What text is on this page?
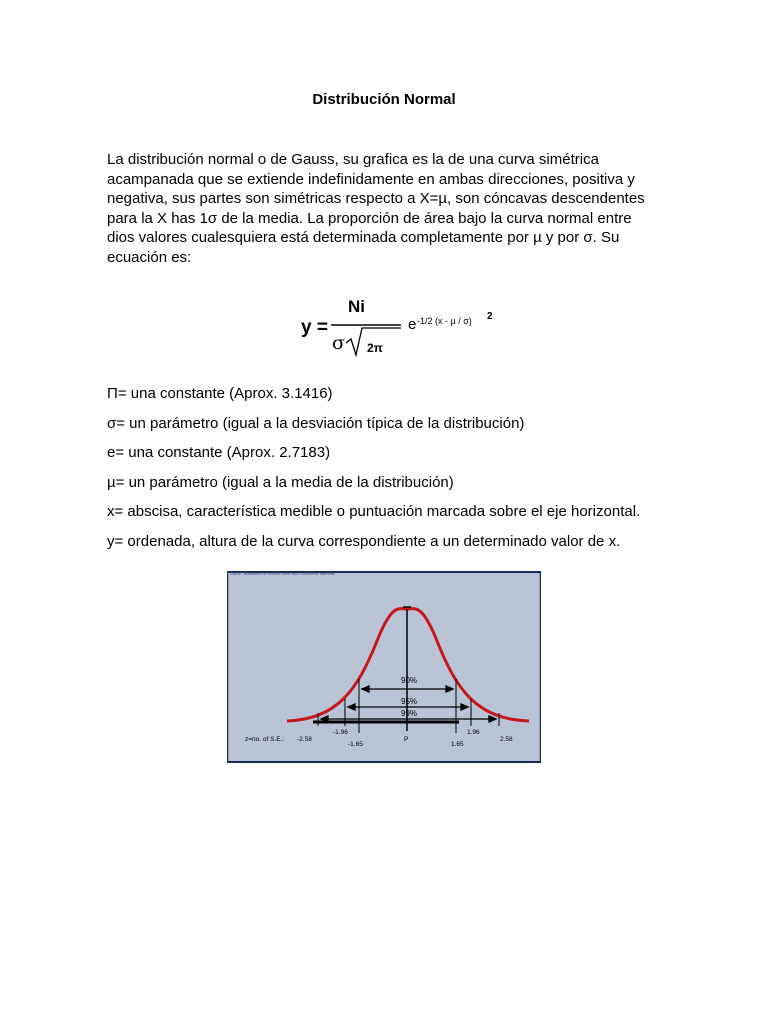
Distribución Normal

La distribución normal o de Gauss, su grafica es la de una curva simétrica acampanada que se extiende indefinidamente en ambas direcciones, positiva y negativa, sus partes son simétricas respecto a X=µ, son cóncavas descendentes para la X has 1σ de la media. La proporción de área bajo la curva normal entre dios valores cualesquiera está determinada completamente por µ y por σ. Su ecuación es:

y =
Ni
σ 2π
e -1/2 (x - µ / σ) 2
Π= una constante (Aprox. 3.1416)
σ= un parámetro (igual a la desviación típica de la distribución)
e= una constante (Aprox. 2.7183)
µ= un parámetro (igual a la media de la distribución)
x= abscisa, característica medible o puntuación marcada sobre el eje horizontal.
y= ordenada, altura de la curva correspondiente a un determinado valor de x.
TABLE: Illustration of normal curve and confidence intervals
90%
95%
99%
z=no. of S.E.: -2.58
-1.96	1.96
2.58
-1.65
P
1.65
